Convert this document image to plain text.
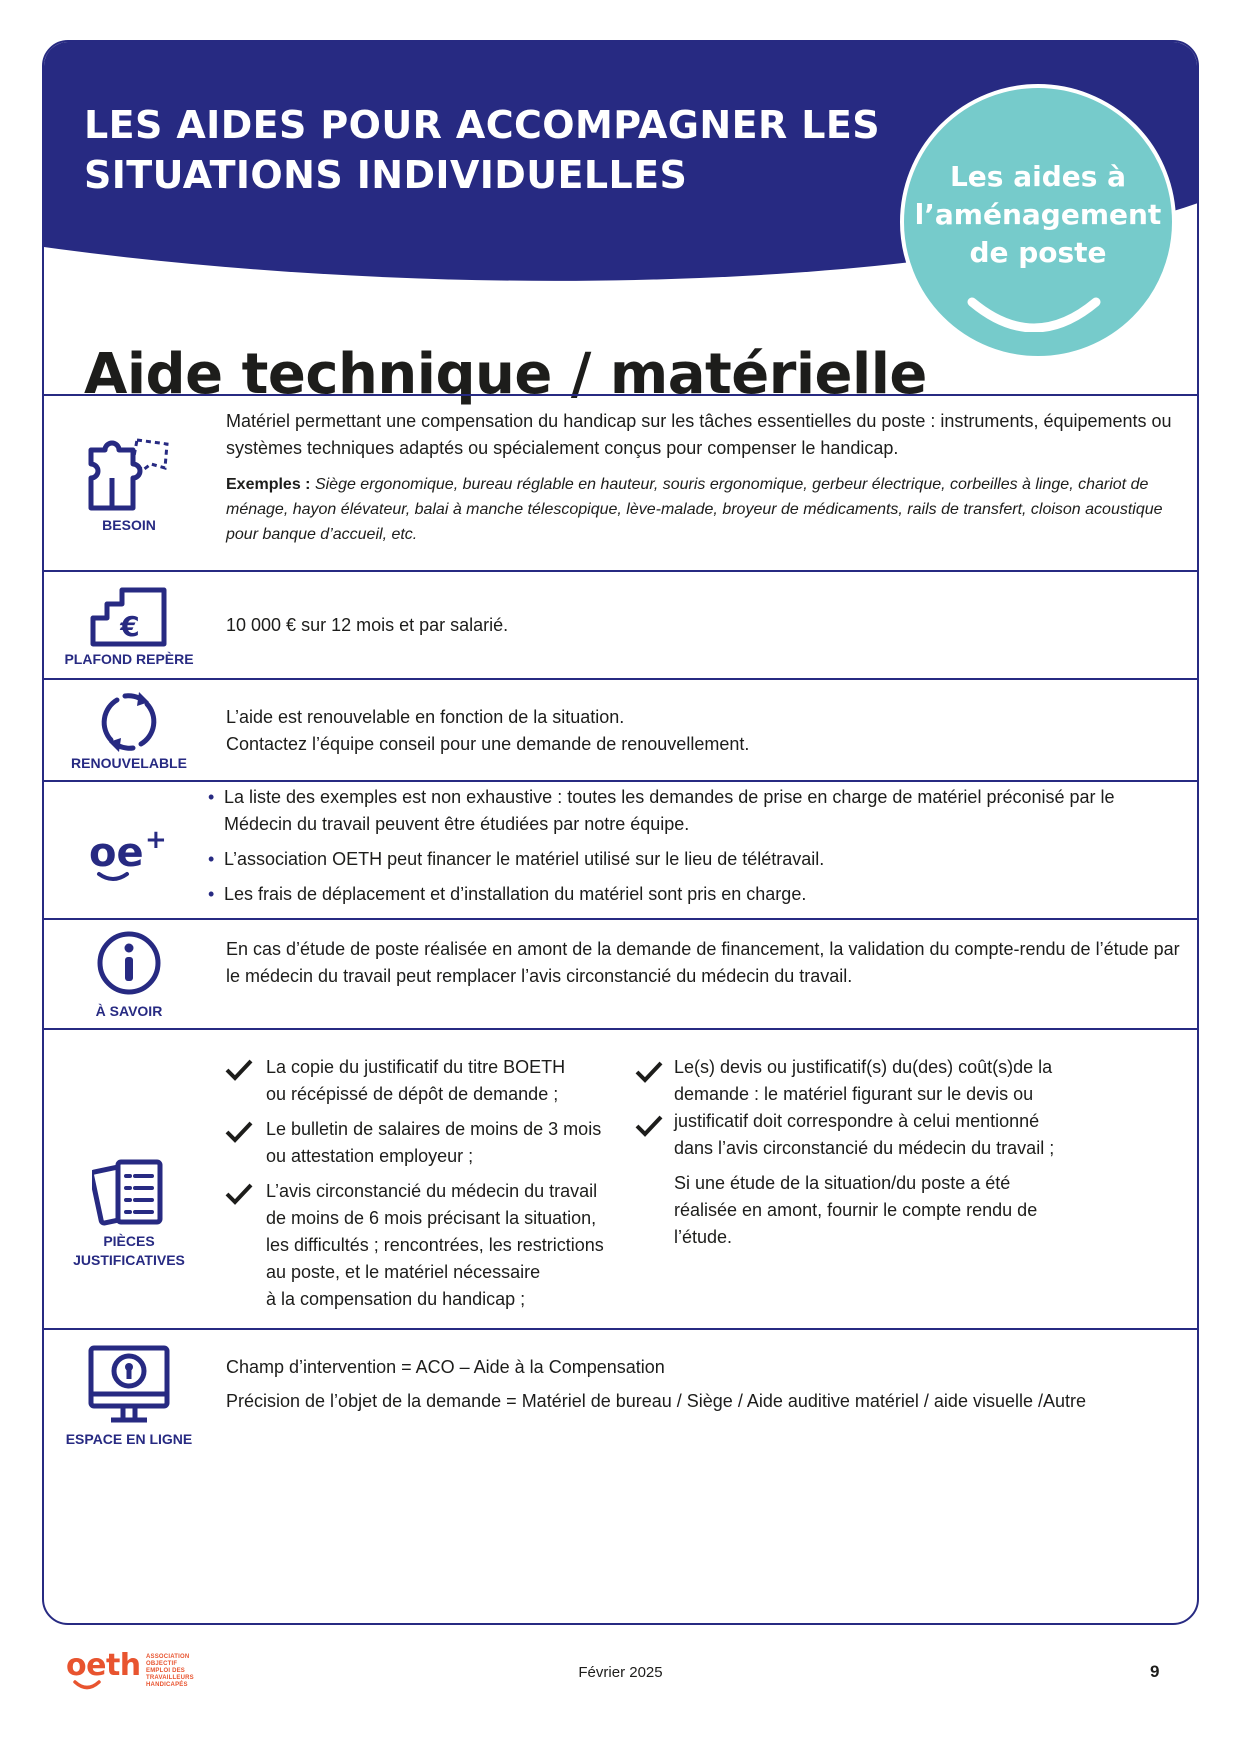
LES AIDES POUR ACCOMPAGNER LES
SITUATIONS INDIVIDUELLES	Les aides à
l’aménagement
de poste
Aide technique / matérielle
BESOIN

Matériel permettant une compensation du handicap sur les tâches essentielles du poste : instruments, équipements ou systèmes techniques adaptés ou spécialement conçus pour compenser le handicap.

Exemples : Siège ergonomique, bureau réglable en hauteur, souris ergonomique, gerbeur électrique, corbeilles à linge, chariot de ménage, hayon élévateur, balai à manche télescopique, lève-malade, broyeur de médicaments, rails de transfert, cloison acoustique pour banque d’accueil, etc.

€
PLAFOND REPÈRE

10 000 € sur 12 mois et par salarié.

RENOUVELABLE

L’aide est renouvelable en fonction de la situation.

Contactez l’équipe conseil pour une demande de renouvellement.

oe +
• La liste des exemples est non exhaustive : toutes les demandes de prise en charge de matériel préconisé par le Médecin du travail peuvent être étudiées par notre équipe.
• L’association OETH peut financer le matériel utilisé sur le lieu de télétravail.
• Les frais de déplacement et d’installation du matériel sont pris en charge.
À SAVOIR

En cas d’étude de poste réalisée en amont de la demande de financement, la validation du compte-rendu de l’étude par le médecin du travail peut remplacer l’avis circonstancié du médecin du travail.

PIÈCES
JUSTIFICATIVES
La copie du justificatif du titre BOETH
ou récépissé de dépôt de demande ;
Le bulletin de salaires de moins de 3 mois
ou attestation employeur ;
L’avis circonstancié du médecin du travail
de moins de 6 mois précisant la situation,
les difficultés ; rencontrées, les restrictions
au poste, et le matériel nécessaire
à la compensation du handicap ;

Le(s) devis ou justificatif(s) du(des) coût(s)de la demande : le matériel figurant sur le devis ou justificatif doit correspondre à celui mentionné dans l’avis circonstancié du médecin du travail ;

Si une étude de la situation/du poste a été réalisée en amont, fournir le compte rendu de l’étude.

ESPACE EN LIGNE

Champ d’intervention = ACO – Aide à la Compensation

Précision de l’objet de la demande = Matériel de bureau / Siège / Aide auditive matériel / aide visuelle /Autre

oeth ASSOCIATION
OBJECTIF EMPLOI DES
TRAVAILLEURS HANDICAPÉS
Février 2025	9
